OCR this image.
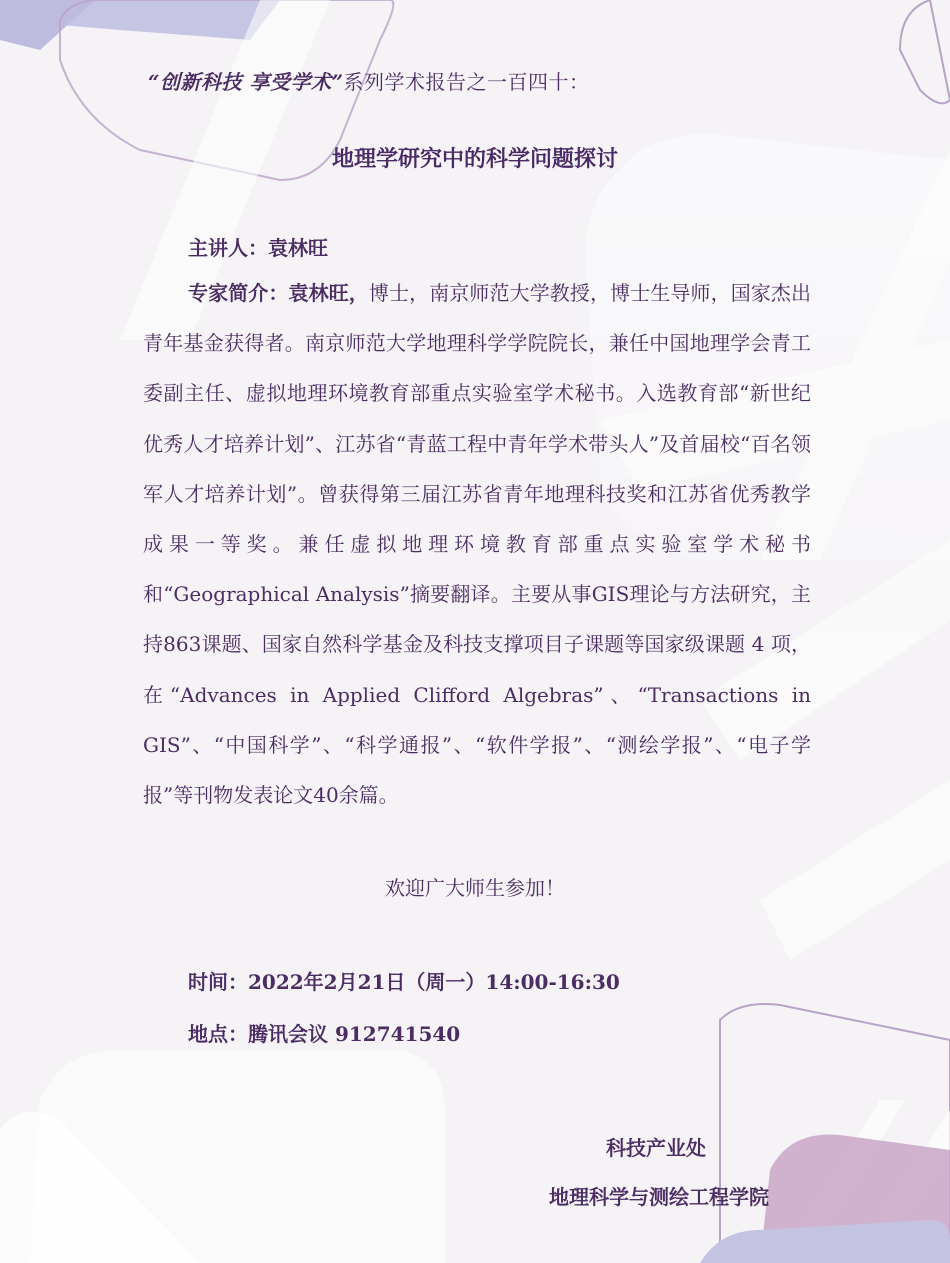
“创新科技 享受学术”系列学术报告之一百四十：
地理学研究中的科学问题探讨
主讲人：袁林旺
专家简介：袁林旺，博士，南京师范大学教授，博士生导师，国家杰出青年基金获得者。南京师范大学地理科学学院院长，兼任中国地理学会青工委副主任、虚拟地理环境教育部重点实验室学术秘书。入选教育部“新世纪优秀人才培养计划”、江苏省“青蓝工程中青年学术带头人”及首届校“百名领军人才培养计划”。曾获得第三届江苏省青年地理科技奖和江苏省优秀教学成果一等奖。兼任虚拟地理环境教育部重点实验室学术秘书和“Geographical Analysis”摘要翻译。主要从事GIS理论与方法研究，主持863课题、国家自然科学基金及科技支撑项目子课题等国家级课题 4 项，在“Advances in Applied Clifford Algebras”、“Transactions in GIS”、“中国科学”、“科学通报”、“软件学报”、“测绘学报”、“电子学报”等刊物发表论文40余篇。
欢迎广大师生参加！
时间：2022年2月21日（周一）14:00-16:30
地点：腾讯会议 912741540
科技产业处
地理科学与测绘工程学院
